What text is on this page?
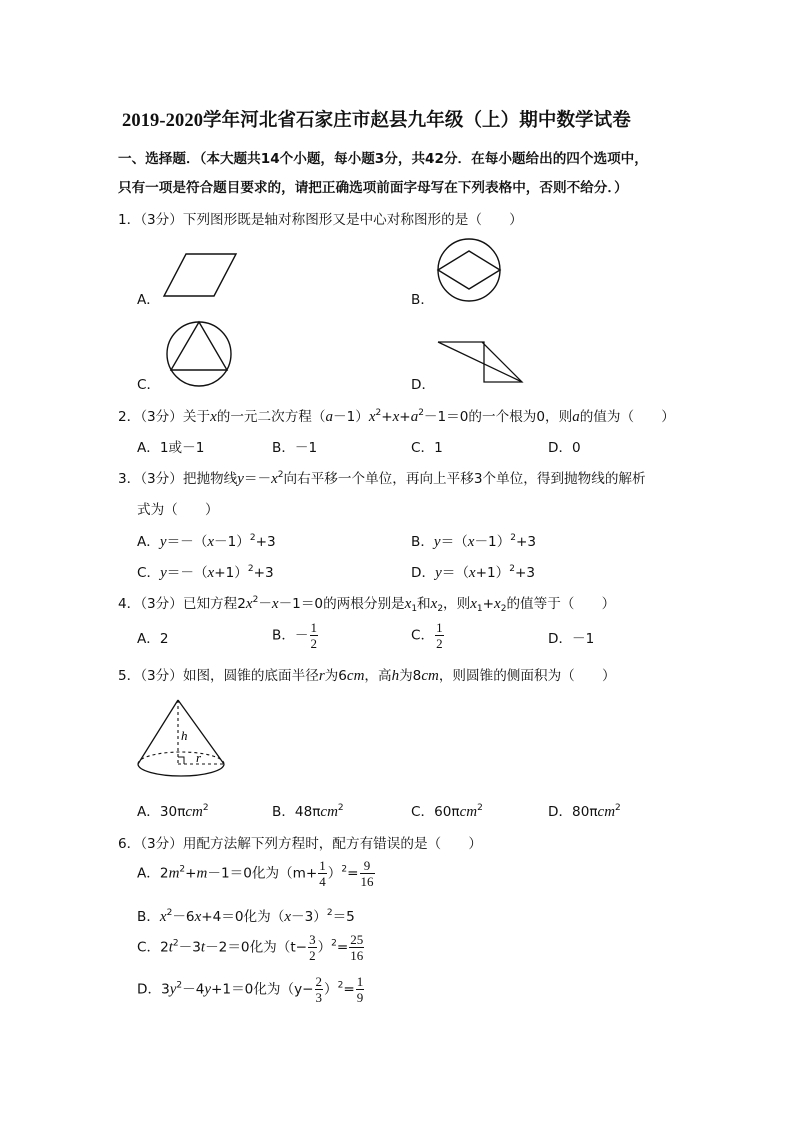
2019-2020学年河北省石家庄市赵县九年级（上）期中数学试卷
一、选择题．（本大题共14个小题，每小题3分，共42分．在每小题给出的四个选项中，
只有一项是符合题目要求的，请把正确选项前面字母写在下列表格中，否则不给分．）
1．（3分）下列图形既是轴对称图形又是中心对称图形的是（　　）
A．	B．
C．	D．
2．（3分）关于x的一元二次方程$(a-1)x^2+x+a^2-1=0$的一个根为0，则a的值为（　　）
A．1或－1	B．－1	C．1	D．0
3．（3分）把抛物线$y=-x^2$向右平移一个单位，再向上平移3个单位，得到抛物线的解析
式为（　　）
A．$y=-(x-1)^2+3$	B．$y=(x-1)^2+3$
C．$y=-(x+1)^2+3$	D．$y=(x+1)^2+3$
4．（3分）已知方程$2x^2-x-1=0$的两根分别是$x_1$和$x_2$，则$x_1+x_2$的值等于（　　）
A．2	B．－ $\frac{1}{2}$	C． $\frac{1}{2}$	D．－1
5．（3分）如图，圆锥的底面半径r为6cm，高h为8cm，则圆锥的侧面积为（　　）
h
r
A．30πcm$^2$	B．48πcm$^2$	C．60πcm$^2$	D．80πcm$^2$
6．（3分）用配方法解下列方程时，配方有错误的是（　　）
A．$2m^2+m-1=0$化为$(m+ \frac{1}{4} )^2= \frac{9}{16}$
B．$x^2-6x+4=0$化为$(x-3)^2=5$
C．$2t^2-3t-2=0$化为$(t- \frac{3}{2} )^2= \frac{25}{16}$
D．$3y^2-4y+1=0$化为$(y- \frac{2}{3} )^2= \frac{1}{9}$
